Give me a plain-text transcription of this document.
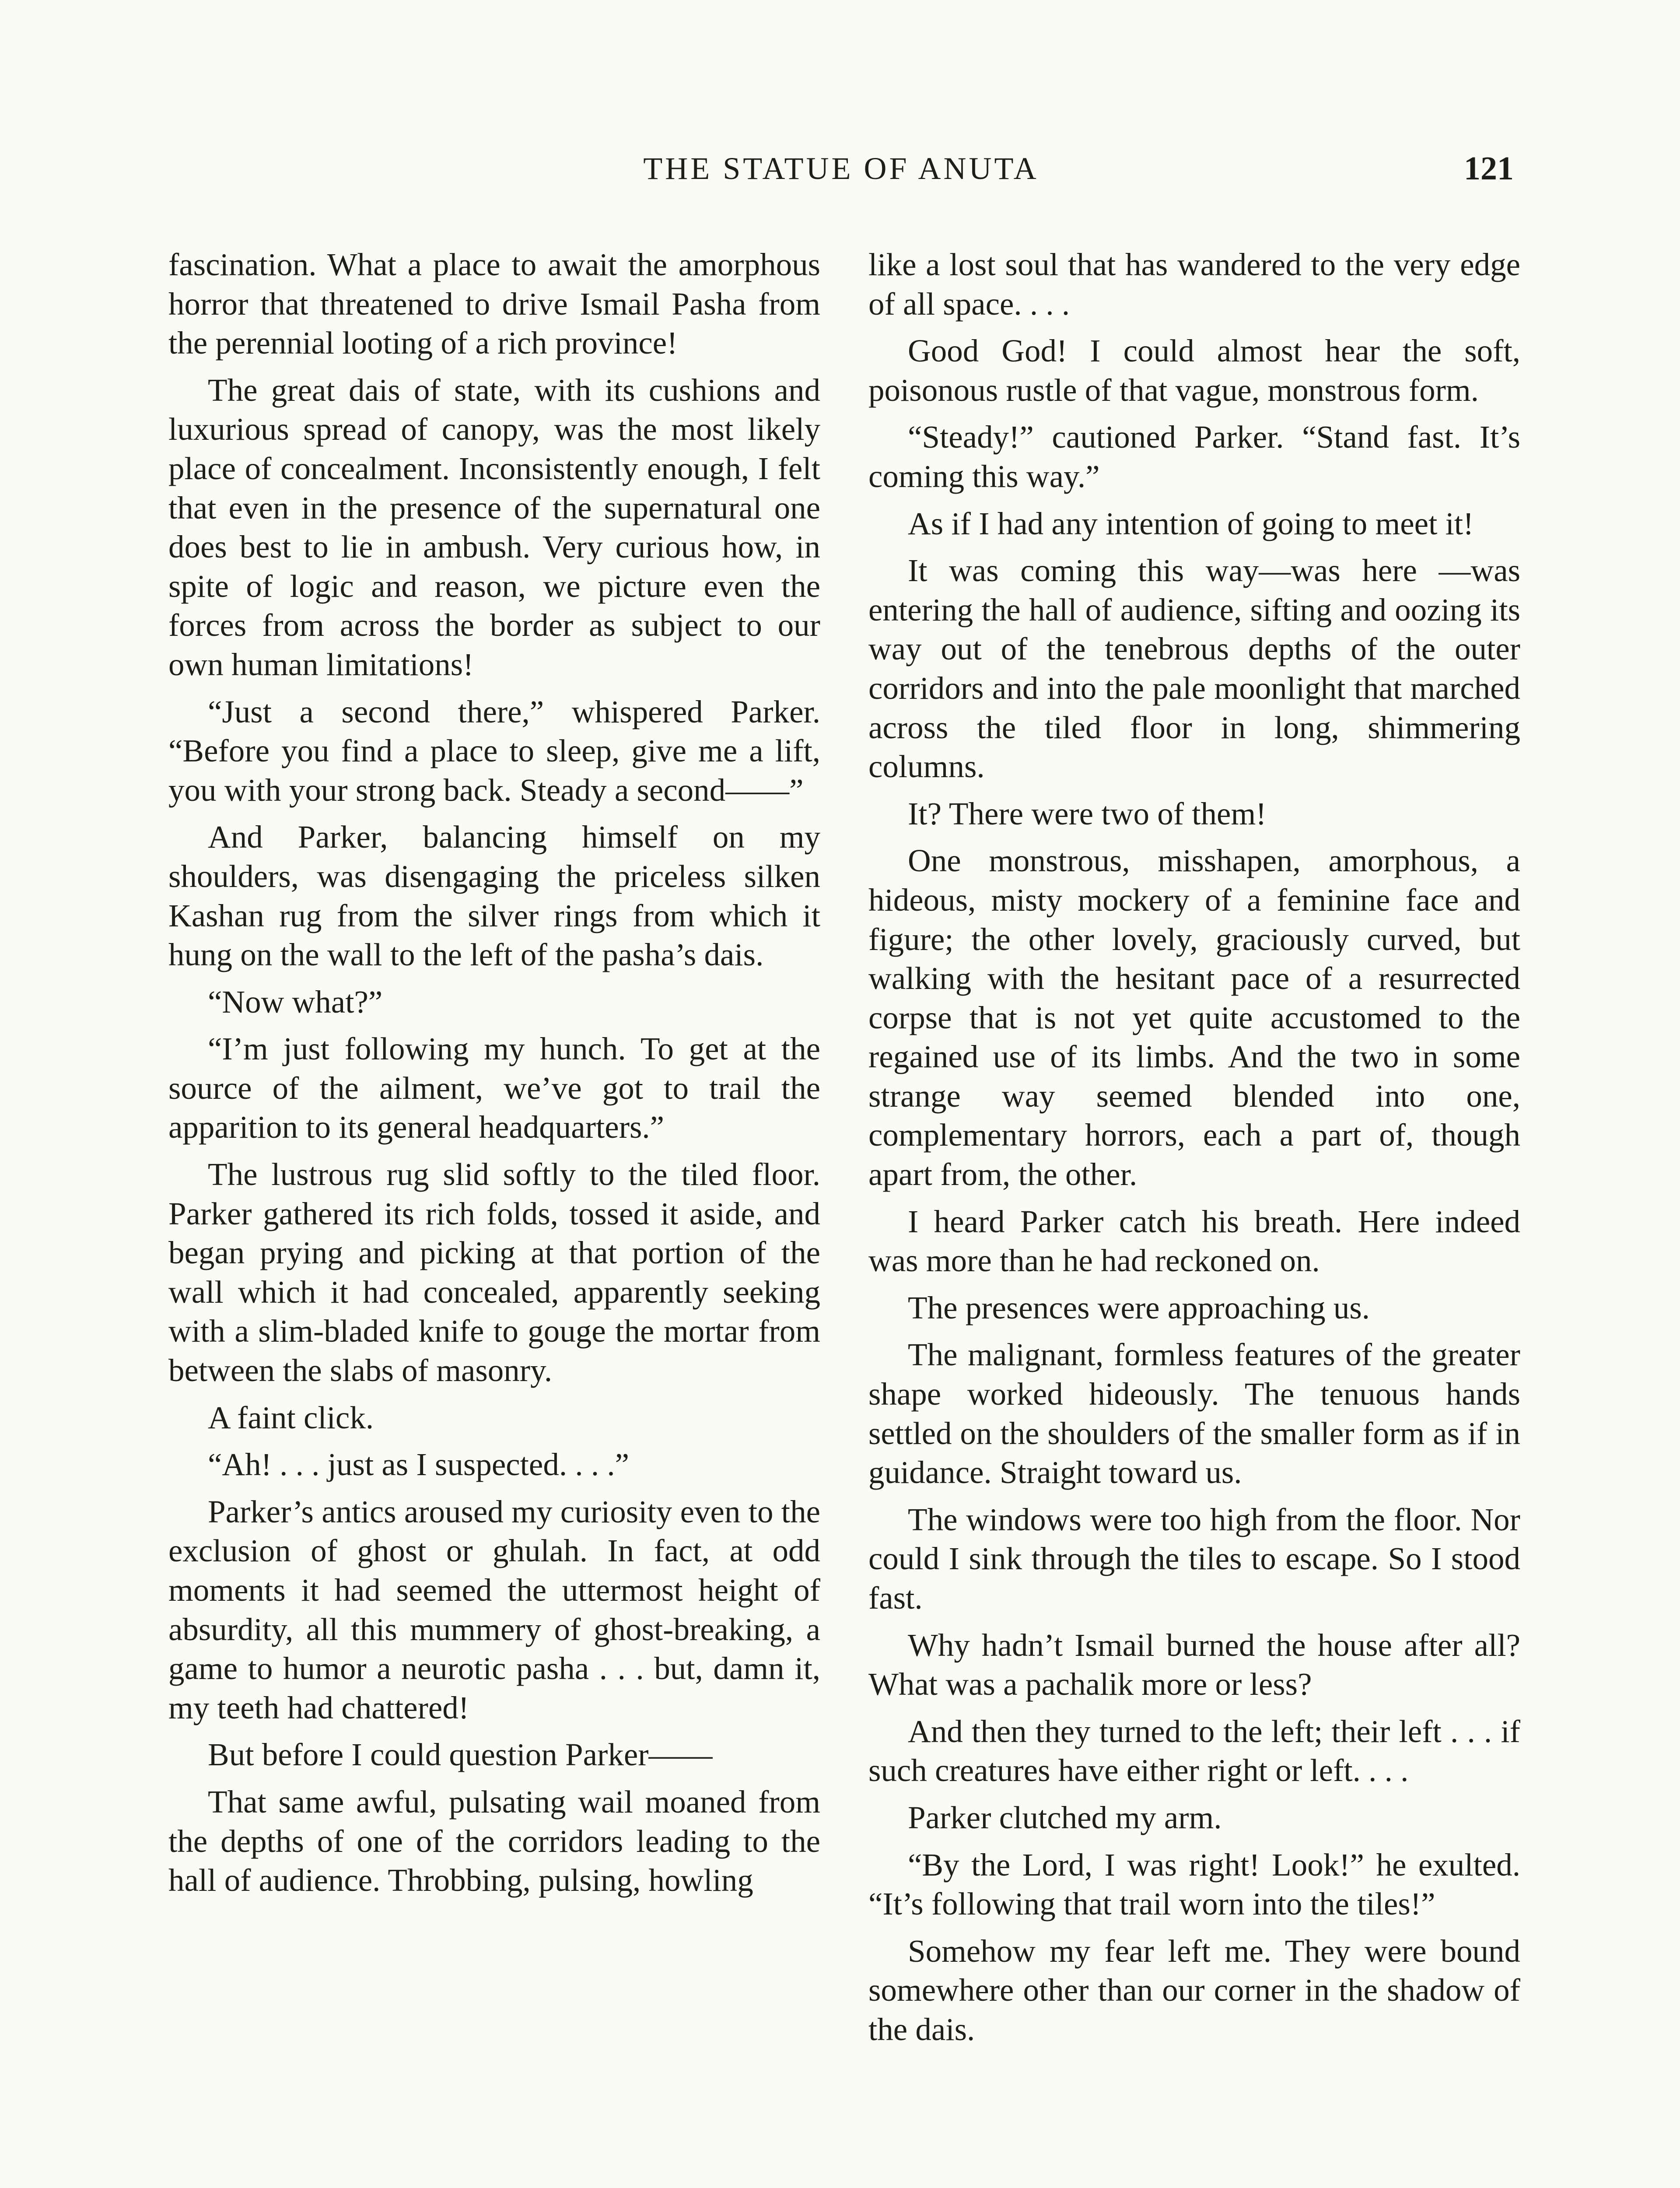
THE STATUE OF ANUTA	121

fascination. What a place to await the amorphous horror that threatened to drive Ismail Pasha from the perennial looting of a rich province!

The great dais of state, with its cushions and luxurious spread of canopy, was the most likely place of concealment. Inconsistently enough, I felt that even in the presence of the supernatural one does best to lie in ambush. Very curious how, in spite of logic and reason, we picture even the forces from across the border as subject to our own human limitations!

“Just a second there,” whispered Parker. “Before you find a place to sleep, give me a lift, you with your strong back. Steady a second——”

And Parker, balancing himself on my shoulders, was disengaging the priceless silken Kashan rug from the silver rings from which it hung on the wall to the left of the pasha’s dais.

“Now what?”

“I’m just following my hunch. To get at the source of the ailment, we’ve got to trail the apparition to its general headquarters.”

The lustrous rug slid softly to the tiled floor. Parker gathered its rich folds, tossed it aside, and began prying and picking at that portion of the wall which it had concealed, apparently seeking with a slim-bladed knife to gouge the mortar from between the slabs of masonry.

A faint click.

“Ah! . . . just as I suspected. . . .”

Parker’s antics aroused my curiosity even to the exclusion of ghost or ghulah. In fact, at odd moments it had seemed the uttermost height of absurdity, all this mummery of ghost-breaking, a game to humor a neurotic pasha . . . but, damn it, my teeth had chattered!

But before I could question Parker——

That same awful, pulsating wail moaned from the depths of one of the corridors leading to the hall of audience. Throbbing, pulsing, howling

like a lost soul that has wandered to the very edge of all space. . . .

Good God! I could almost hear the soft, poisonous rustle of that vague, monstrous form.

“Steady!” cautioned Parker. “Stand fast. It’s coming this way.”

As if I had any intention of going to meet it!

It was coming this way—was here —was entering the hall of audience, sifting and oozing its way out of the tenebrous depths of the outer corridors and into the pale moonlight that marched across the tiled floor in long, shimmering columns.

It? There were two of them!

One monstrous, misshapen, amorphous, a hideous, misty mockery of a feminine face and figure; the other lovely, graciously curved, but walking with the hesitant pace of a resurrected corpse that is not yet quite accustomed to the regained use of its limbs. And the two in some strange way seemed blended into one, complementary horrors, each a part of, though apart from, the other.

I heard Parker catch his breath. Here indeed was more than he had reckoned on.

The presences were approaching us.

The malignant, formless features of the greater shape worked hideously. The tenuous hands settled on the shoulders of the smaller form as if in guidance. Straight toward us.

The windows were too high from the floor. Nor could I sink through the tiles to escape. So I stood fast.

Why hadn’t Ismail burned the house after all? What was a pachalik more or less?

And then they turned to the left; their left . . . if such creatures have either right or left. . . .

Parker clutched my arm.

“By the Lord, I was right! Look!” he exulted. “It’s following that trail worn into the tiles!”

Somehow my fear left me. They were bound somewhere other than our corner in the shadow of the dais.
